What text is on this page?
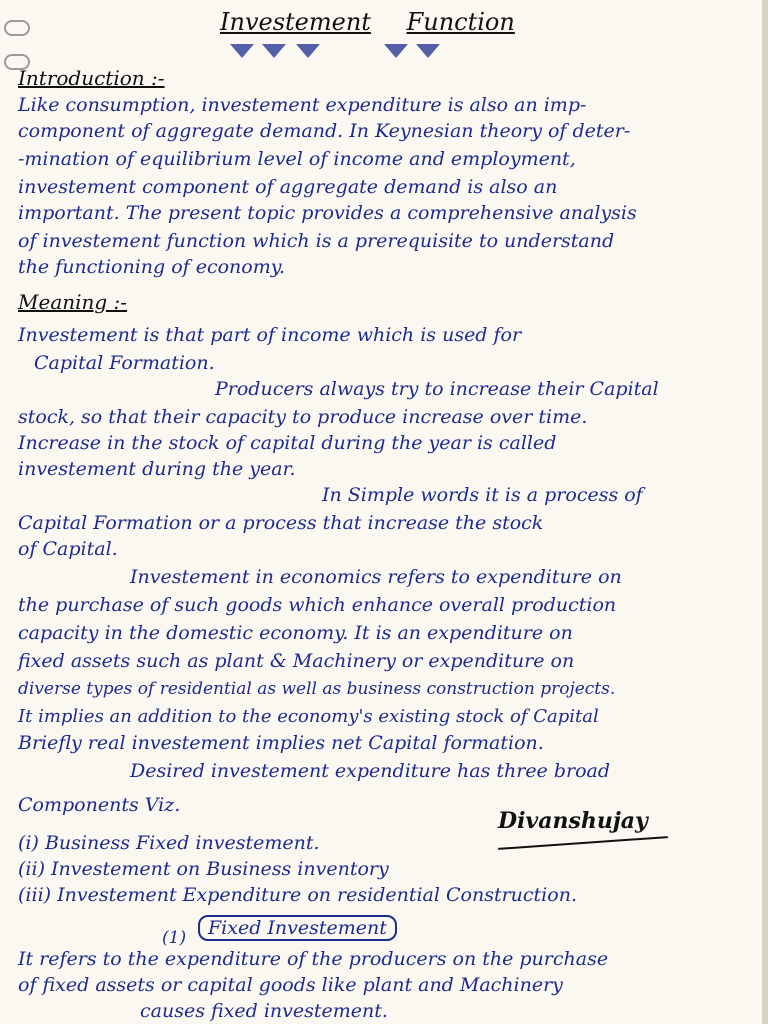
Investement Function
Introduction :-
Like consumption, investement expenditure is also an imp-
component of aggregate demand. In Keynesian theory of deter-
-mination of equilibrium level of income and employment,
investement component of aggregate demand is also an
important. The present topic provides a comprehensive analysis
of investement function which is a prerequisite to understand
the functioning of economy.
Meaning :-
Investement is that part of income which is used for
Capital Formation.
Producers always try to increase their Capital
stock, so that their capacity to produce increase over time.
Increase in the stock of capital during the year is called
investement during the year.
In Simple words it is a process of
Capital Formation or a process that increase the stock
of Capital.
Investement in economics refers to expenditure on
the purchase of such goods which enhance overall production
capacity in the domestic economy. It is an expenditure on
fixed assets such as plant & Machinery or expenditure on
diverse types of residential as well as business construction projects.
It implies an addition to the economy's existing stock of Capital
Briefly real investement implies net Capital formation.
Desired investement expenditure has three broad
Components Viz.
(i) Business Fixed investement.
(ii) Investement on Business inventory
(iii) Investement Expenditure on residential Construction.
Divanshujay
(1)	Fixed Investement
It refers to the expenditure of the producers on the purchase
of fixed assets or capital goods like plant and Machinery
causes fixed investement.
